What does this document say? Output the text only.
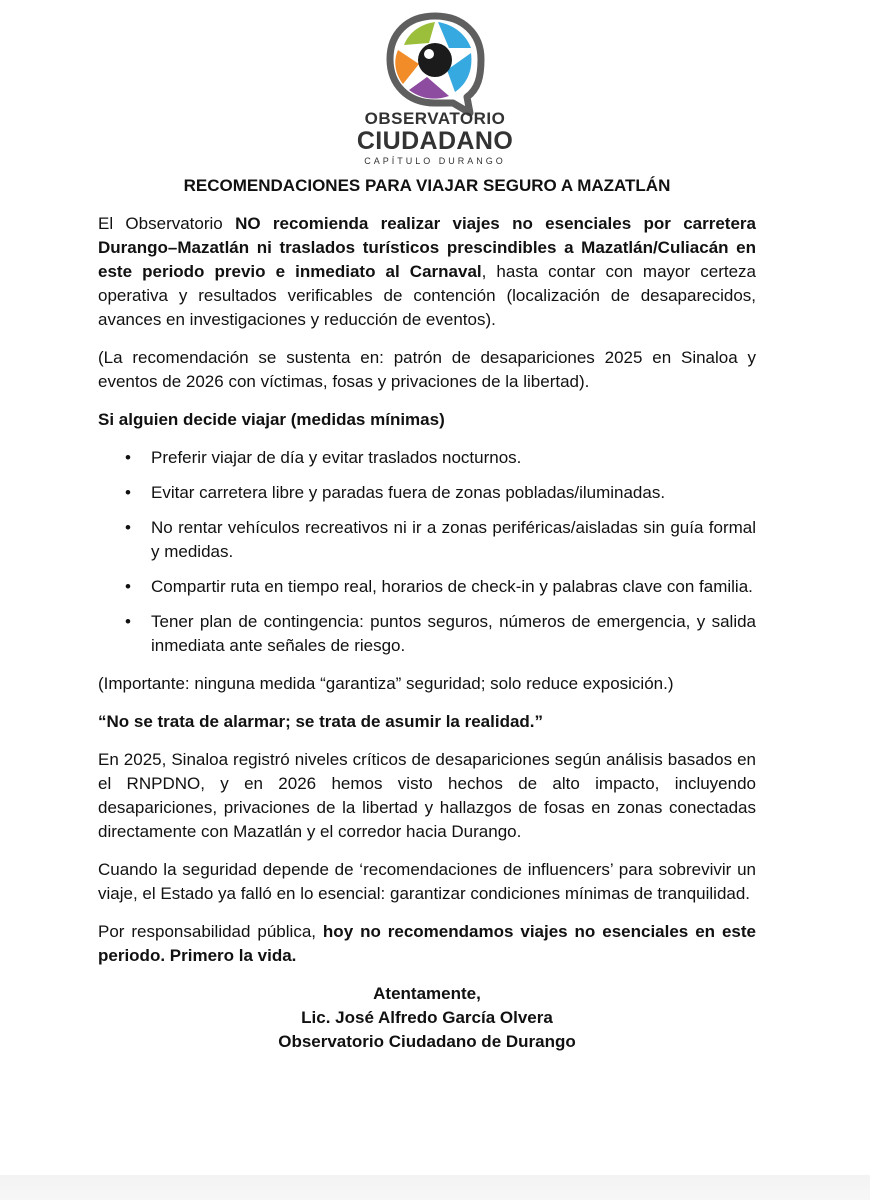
OBSERVATORIO
CIUDADANO
CAPÍTULO DURANGO
RECOMENDACIONES PARA VIAJAR SEGURO A MAZATLÁN

El Observatorio NO recomienda realizar viajes no esenciales por carretera Durango–Mazatlán ni traslados turísticos prescindibles a Mazatlán/Culiacán en este periodo previo e inmediato al Carnaval, hasta contar con mayor certeza operativa y resultados verificables de contención (localización de desaparecidos, avances en investigaciones y reducción de eventos).

(La recomendación se sustenta en: patrón de desapariciones 2025 en Sinaloa y eventos de 2026 con víctimas, fosas y privaciones de la libertad).

Si alguien decide viajar (medidas mínimas)

• Preferir viajar de día y evitar traslados nocturnos.
• Evitar carretera libre y paradas fuera de zonas pobladas/iluminadas.
• No rentar vehículos recreativos ni ir a zonas periféricas/aisladas sin guía formal y medidas.
• Compartir ruta en tiempo real, horarios de check-in y palabras clave con familia.
• Tener plan de contingencia: puntos seguros, números de emergencia, y salida inmediata ante señales de riesgo.

(Importante: ninguna medida “garantiza” seguridad; solo reduce exposición.)

“No se trata de alarmar; se trata de asumir la realidad.”

En 2025, Sinaloa registró niveles críticos de desapariciones según análisis basados en el RNPDNO, y en 2026 hemos visto hechos de alto impacto, incluyendo desapariciones, privaciones de la libertad y hallazgos de fosas en zonas conectadas directamente con Mazatlán y el corredor hacia Durango.

Cuando la seguridad depende de ‘recomendaciones de influencers’ para sobrevivir un viaje, el Estado ya falló en lo esencial: garantizar condiciones mínimas de tranquilidad.

Por responsabilidad pública, hoy no recomendamos viajes no esenciales en este periodo. Primero la vida.

Atentamente,
Lic. José Alfredo García Olvera
Observatorio Ciudadano de Durango
